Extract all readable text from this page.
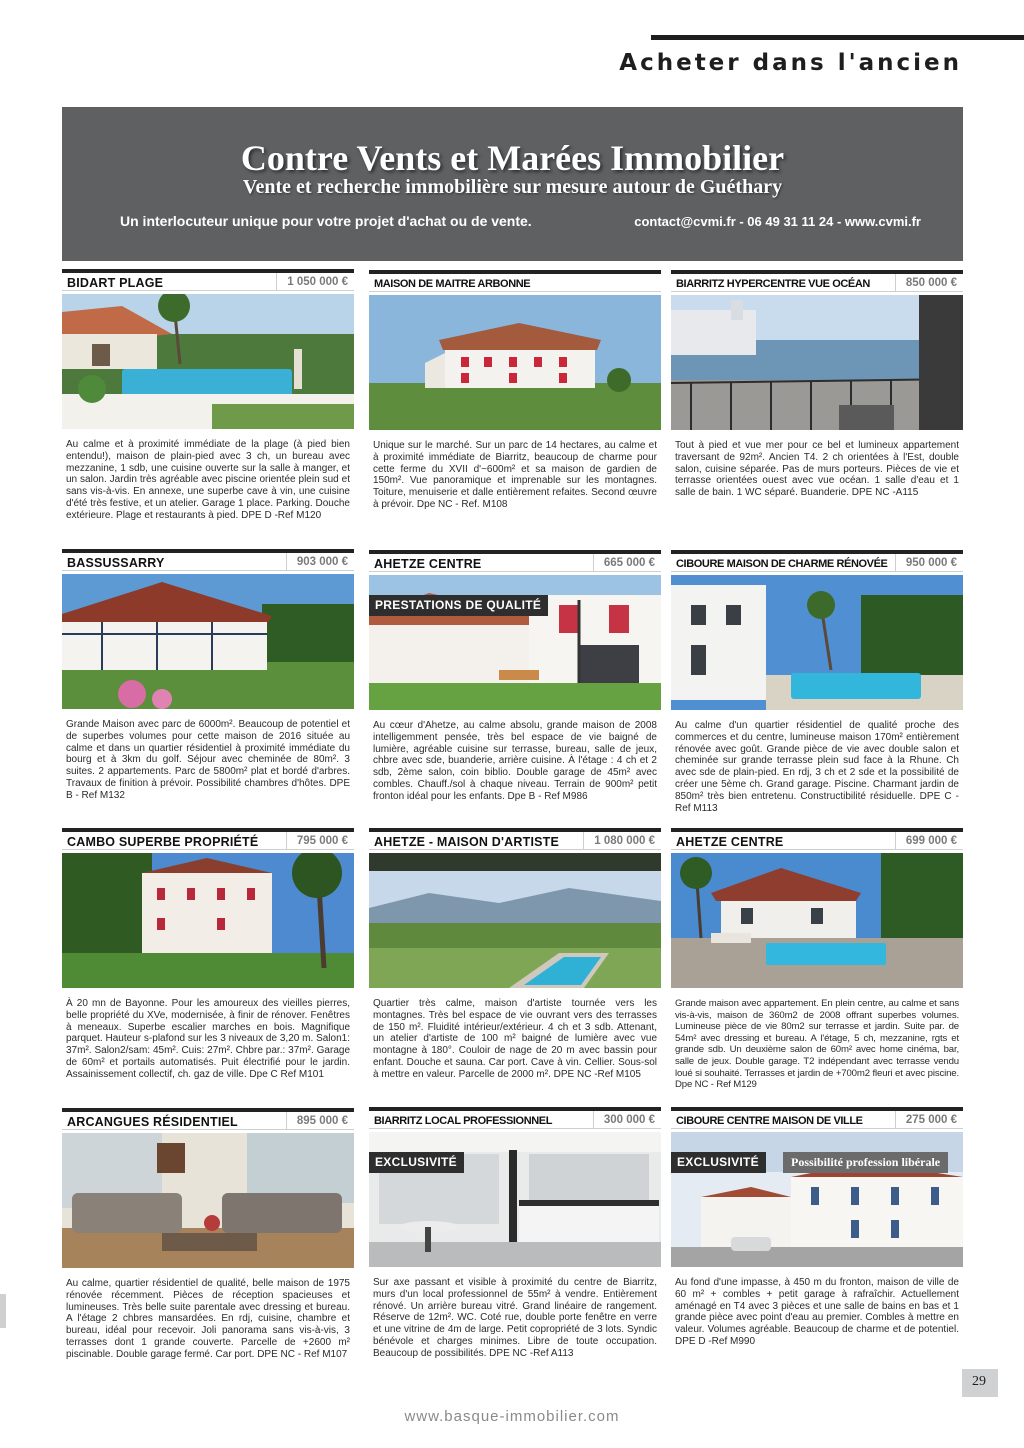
Acheter dans l'ancien
Contre Vents et Marées Immobilier
Vente et recherche immobilière sur mesure autour de Guéthary
Un interlocuteur unique pour votre projet d'achat ou de vente.	contact@cvmi.fr - 06 49 31 11 24 - www.cvmi.fr
BIDART PLAGE	1 050 000 €
Au calme et à proximité immédiate de la plage (à pied bien entendu!), maison de plain-pied avec 3 ch, un bureau avec mezzanine, 1 sdb, une cuisine ouverte sur la salle à manger, et un salon. Jardin très agréable avec piscine orientée plein sud et sans vis-à-vis. En annexe, une superbe cave à vin, une cuisine d'été très festive, et un atelier. Garage 1 place. Parking. Douche extérieure. Plage et restaurants à pied. DPE D -Ref M120
MAISON DE MAITRE ARBONNE
Unique sur le marché. Sur un parc de 14 hectares, au calme et à proximité immédiate de Biarritz, beaucoup de charme pour cette ferme du XVII d'~600m² et sa maison de gardien de 150m². Vue panoramique et imprenable sur les montagnes. Toiture, menuiserie et dalle entièrement refaites. Second œuvre à prévoir. Dpe NC - Ref. M108
BIARRITZ HYPERCENTRE VUE OCÉAN	850 000 €
Tout à pied et vue mer pour ce bel et lumineux appartement traversant de 92m². Ancien T4. 2 ch orientées à l'Est, double salon, cuisine séparée. Pas de murs porteurs. Pièces de vie et terrasse orientées ouest avec vue océan. 1 salle d'eau et 1 salle de bain. 1 WC séparé. Buanderie. DPE NC -A115
BASSUSSARRY	903 000 €
Grande Maison avec parc de 6000m². Beaucoup de potentiel et de superbes volumes pour cette maison de 2016 située au calme et dans un quartier résidentiel à proximité immédiate du bourg et à 3km du golf. Séjour avec cheminée de 80m². 3 suites. 2 appartements. Parc de 5800m² plat et bordé d'arbres. Travaux de finition à prévoir. Possibilité chambres d'hôtes. DPE B - Ref M132
AHETZE CENTRE	665 000 €
PRESTATIONS DE QUALITÉ
Au cœur d'Ahetze, au calme absolu, grande maison de 2008 intelligemment pensée, très bel espace de vie baigné de lumière, agréable cuisine sur terrasse, bureau, salle de jeux, chbre avec sde, buanderie, arrière cuisine. À l'étage : 4 ch et 2 sdb, 2ème salon, coin biblio. Double garage de 45m² avec combles. Chauff./sol à chaque niveau. Terrain de 900m² petit fronton idéal pour les enfants. Dpe B - Ref M986
CIBOURE MAISON DE CHARME RÉNOVÉE	950 000 €
Au calme d'un quartier résidentiel de qualité proche des commerces et du centre, lumineuse maison 170m² entièrement rénovée avec goût. Grande pièce de vie avec double salon et cheminée sur grande terrasse plein sud face à la Rhune. Ch avec sde de plain-pied. En rdj, 3 ch et 2 sde et la possibilité de créer une 5ème ch. Grand garage. Piscine. Charmant jardin de 850m² très bien entretenu. Constructibilité résiduelle. DPE C - Ref M113
CAMBO SUPERBE PROPRIÉTÉ	795 000 €
À 20 mn de Bayonne. Pour les amoureux des vieilles pierres, belle propriété du XVe, modernisée, à finir de rénover. Fenêtres à meneaux. Superbe escalier marches en bois. Magnifique parquet. Hauteur s-plafond sur les 3 niveaux de 3,20 m. Salon1: 37m². Salon2/sam: 45m². Cuis: 27m². Chbre par.: 37m². Garage de 60m² et portails automatisés. Puit électrifié pour le jardin. Assainissement collectif, ch. gaz de ville. Dpe C Ref M101
AHETZE - MAISON D'ARTISTE	1 080 000 €
Quartier très calme, maison d'artiste tournée vers les montagnes. Très bel espace de vie ouvrant vers des terrasses de 150 m². Fluidité intérieur/extérieur. 4 ch et 3 sdb. Attenant, un atelier d'artiste de 100 m² baigné de lumière avec vue montagne à 180°. Couloir de nage de 20 m avec bassin pour enfant. Douche et sauna. Car port. Cave à vin. Cellier. Sous-sol à mettre en valeur. Parcelle de 2000 m². DPE NC -Ref M105
AHETZE CENTRE	699 000 €
Grande maison avec appartement. En plein centre, au calme et sans vis-à-vis, maison de 360m2 de 2008 offrant superbes volumes. Lumineuse pièce de vie 80m2 sur terrasse et jardin. Suite par. de 54m² avec dressing et bureau. A l'étage, 5 ch, mezzanine, rgts et grande sdb. Un deuxième salon de 60m² avec home cinéma, bar, salle de jeux. Double garage. T2 indépendant avec terrasse vendu loué si souhaité. Terrasses et jardin de +700m2 fleuri et avec piscine. Dpe NC - Ref M129
ARCANGUES RÉSIDENTIEL	895 000 €
Au calme, quartier résidentiel de qualité, belle maison de 1975 rénovée récemment. Pièces de réception spacieuses et lumineuses. Très belle suite parentale avec dressing et bureau. A l'étage 2 chbres mansardées. En rdj, cuisine, chambre et bureau, idéal pour recevoir. Joli panorama sans vis-à-vis, 3 terrasses dont 1 grande couverte. Parcelle de +2600 m² piscinable. Double garage fermé. Car port. DPE NC - Ref M107
BIARRITZ LOCAL PROFESSIONNEL	300 000 €
EXCLUSIVITÉ
Sur axe passant et visible à proximité du centre de Biarritz, murs d'un local professionnel de 55m² à vendre. Entièrement rénové. Un arrière bureau vitré. Grand linéaire de rangement. Réserve de 12m². WC. Coté rue, double porte fenêtre en verre et une vitrine de 4m de large. Petit copropriété de 3 lots. Syndic bénévole et charges minimes. Libre de toute occupation. Beaucoup de possibilités. DPE NC -Ref A113
CIBOURE CENTRE MAISON DE VILLE	275 000 €
EXCLUSIVITÉ	Possibilité profession libérale
Au fond d'une impasse, à 450 m du fronton, maison de ville de 60 m² + combles + petit garage à rafraîchir. Actuellement aménagé en T4 avec 3 pièces et une salle de bains en bas et 1 grande pièce avec point d'eau au premier. Combles à mettre en valeur. Volumes agréable. Beaucoup de charme et de potentiel. DPE D -Ref M990
www.basque-immobilier.com
29
